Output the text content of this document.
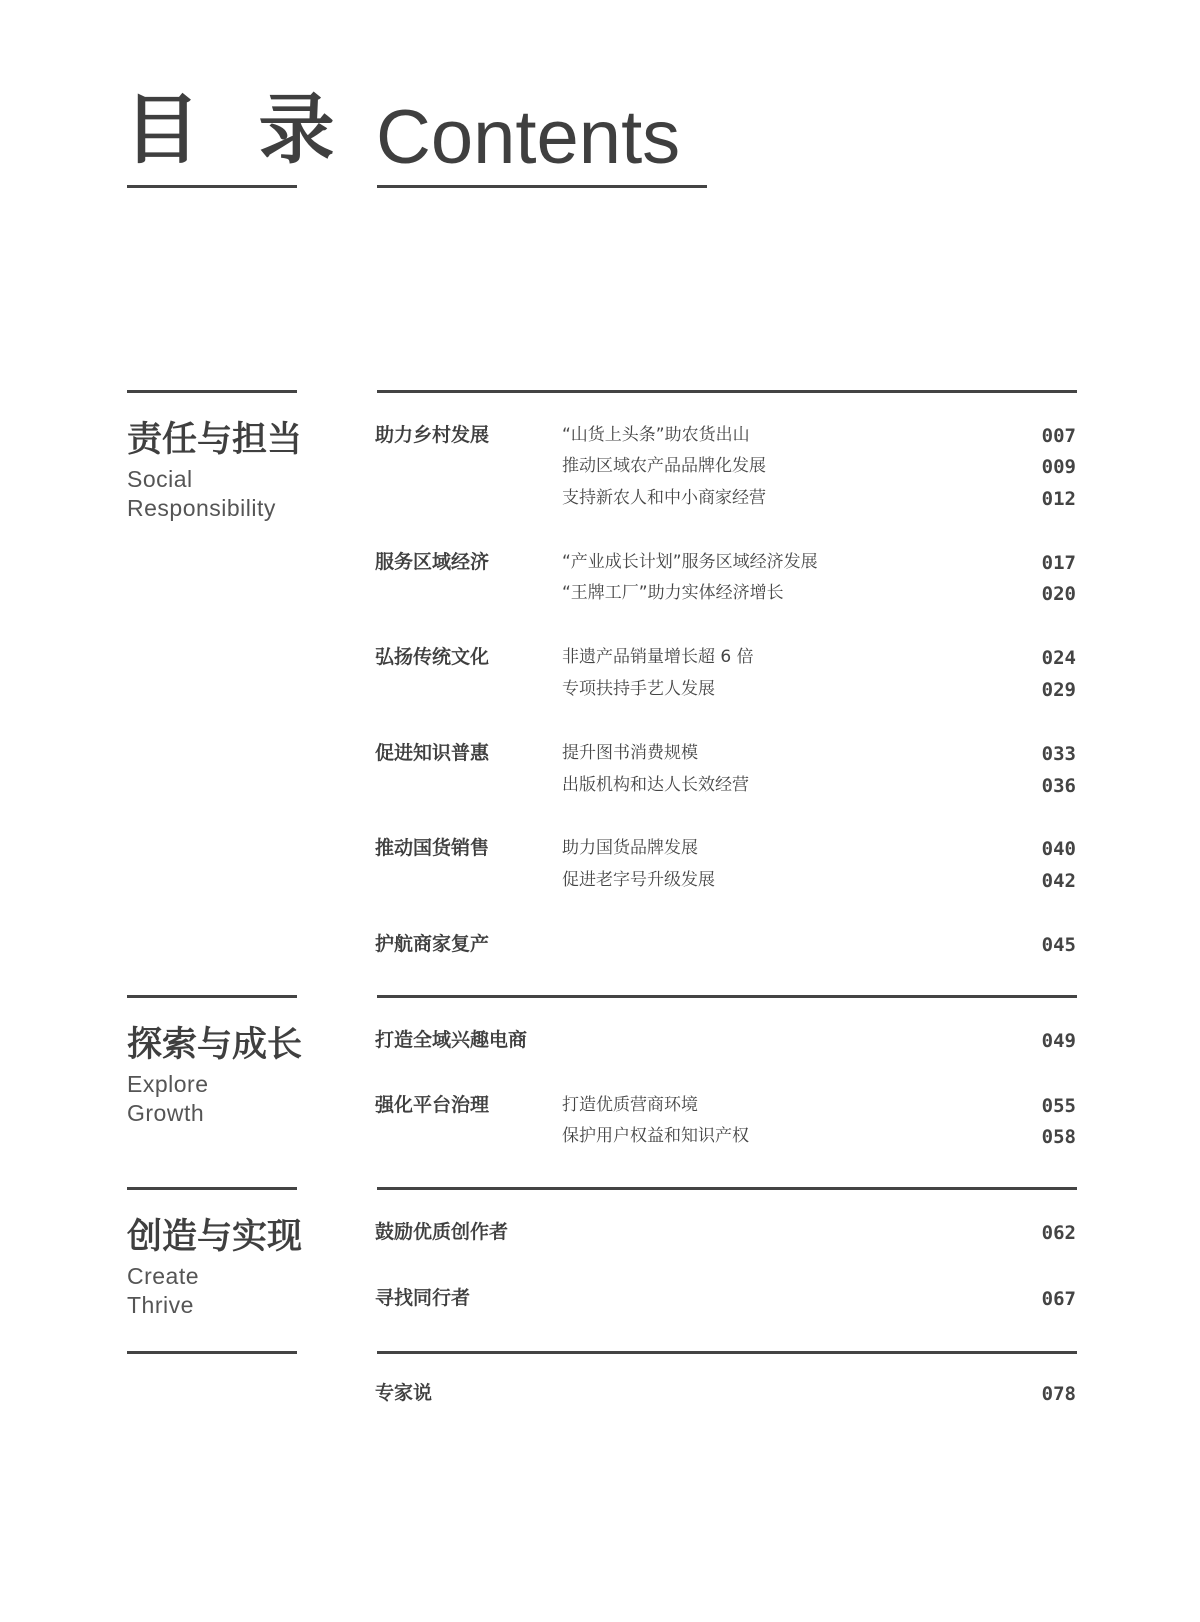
目 录 Contents
责任与担当
Social
Responsibility
助力乡村发展	“山货上头条”助农货出山	007
推动区域农产品品牌化发展	009
支持新农人和中小商家经营	012
服务区域经济	“产业成长计划”服务区域经济发展	017
“王牌工厂”助力实体经济增长	020
弘扬传统文化	非遗产品销量增长超 6 倍	024
专项扶持手艺人发展	029
促进知识普惠	提升图书消费规模	033
出版机构和达人长效经营	036
推动国货销售	助力国货品牌发展	040
促进老字号升级发展	042
护航商家复产	045
探索与成长
Explore
Growth
打造全域兴趣电商	049
强化平台治理	打造优质营商环境	055
保护用户权益和知识产权	058
创造与实现
Create
Thrive
鼓励优质创作者	062
寻找同行者	067
专家说	078
